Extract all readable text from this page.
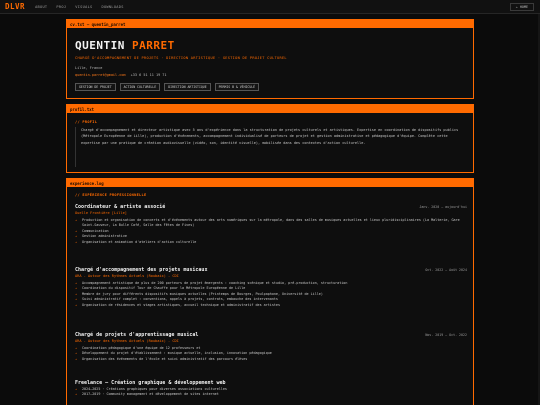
DLVR	ABOUT	PROJ	VISUALS	DOWNLOADS	← HOME
cv.txt — quentin_parret
QUENTIN PARRET
CHARGÉ D'ACCOMPAGNEMENT DE PROJETS · DIRECTION ARTISTIQUE · GESTION DE PROJET CULTUREL
Lille, France
quentin.parret@gmail.com +33 6 51 11 19 71
GESTION DE PROJET	ACTION CULTURELLE	DIRECTION ARTISTIQUE	PERMIS B & VÉHICULÉ
profil.txt
// PROFIL
Chargé d'accompagnement et directeur artistique avec 5 ans d'expérience dans la structuration de projets culturels et artistiques. Expertise en coordination de dispositifs publics (Métropole Européenne de Lille), production d'événements, accompagnement individualisé de porteurs de projet et gestion administrative et pédagogique d'équipe. Complète cette expertise par une pratique de création audiovisuelle (vidéo, son, identité visuelle), mobilisée dans des contextes d'action culturelle.
experience.log
// EXPÉRIENCE PROFESSIONNELLE
Coordinateur & artiste associé
Ouelle Frontière [Lille]
Janv. 2020 — aujourd'hui
→	Production et organisation de concerts et d'événements autour des arts numériques sur la métropole, dans des salles de musiques actuelles et lieux pluridisciplinaires (La Malterie, Gare Saint-Sauveur, La Bulle Café, Salle des Fêtes de Fives)
→	Communication
→	Gestion administrative
→	Organisation et animation d'ateliers d'action culturelle
Chargé d'accompagnement des projets musicaux
ARA - Autour des Rythmes Actuels (Roubaix) - CDI
Oct. 2022 — Août 2024
→	Accompagnement artistique de plus de 200 porteurs de projet émergents : coaching scénique et studio, pré-production, structuration
→	Coordination du dispositif Tour de Chauffe pour la Métropole Européenne de Lille
→	Membre de jury pour différents dispositifs musiques actuelles (Printemps de Bourges, Poulpaphone, Université de Lille)
→	Suivi administratif complet : conventions, appels à projets, contrats, embauche des intervenants
→	Organisation de résidences et stages artistiques, accueil technique et administratif des artistes
Chargé de projets d'apprentissage musical
ARA - Autour des Rythmes Actuels (Roubaix) - CDI
Nov. 2019 — Oct. 2022
→	Coordination pédagogique d'une équipe de 12 professeurs et
→	Développement du projet d'établissement : musique actuelle, inclusion, innovation pédagogique
→	Organisation des événements de l'école et suivi administratif des parcours élèves
Freelance — Création graphique & développement web
→	2024–2025 · Créations graphiques pour diverses associations culturelles
→	2017–2019 · Community management et développement de sites internet
